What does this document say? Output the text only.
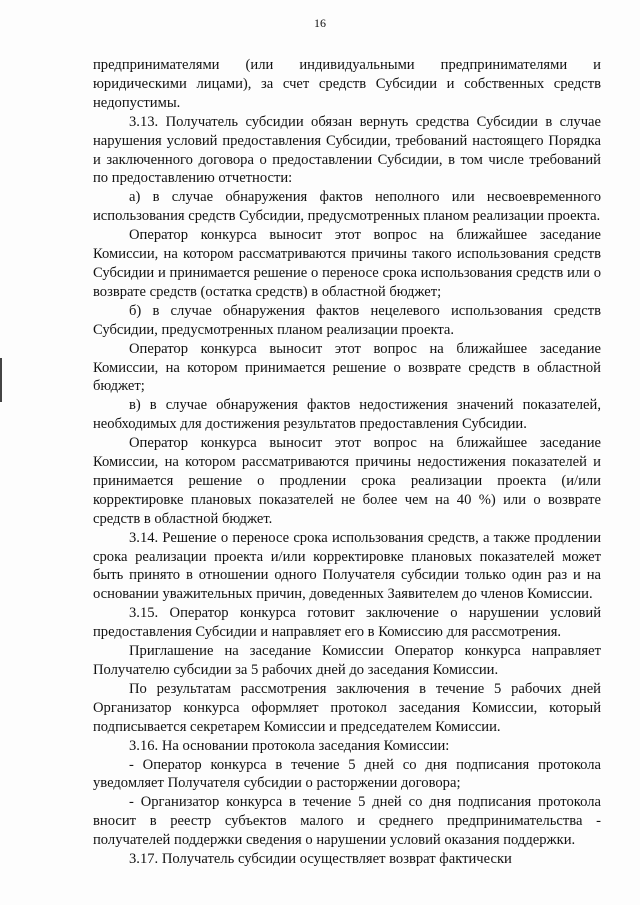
16

предпринимателями (или индивидуальными предпринимателями и юридическими лицами), за счет средств Субсидии и собственных средств недопустимы.

3.13. Получатель субсидии обязан вернуть средства Субсидии в случае нарушения условий предоставления Субсидии, требований настоящего Порядка и заключенного договора о предоставлении Субсидии, в том числе требований по предоставлению отчетности:

а) в случае обнаружения фактов неполного или несвоевременного использования средств Субсидии, предусмотренных планом реализации проекта.

Оператор конкурса выносит этот вопрос на ближайшее заседание Комиссии, на котором рассматриваются причины такого использования средств Субсидии и принимается решение о переносе срока использования средств или о возврате средств (остатка средств) в областной бюджет;

б) в случае обнаружения фактов нецелевого использования средств Субсидии, предусмотренных планом реализации проекта.

Оператор конкурса выносит этот вопрос на ближайшее заседание Комиссии, на котором принимается решение о возврате средств в областной бюджет;

в) в случае обнаружения фактов недостижения значений показателей, необходимых для достижения результатов предоставления Субсидии.

Оператор конкурса выносит этот вопрос на ближайшее заседание Комиссии, на котором рассматриваются причины недостижения показателей и принимается решение о продлении срока реализации проекта (и/или корректировке плановых показателей не более чем на 40 %) или о возврате средств в областной бюджет.

3.14. Решение о переносе срока использования средств, а также продлении срока реализации проекта и/или корректировке плановых показателей может быть принято в отношении одного Получателя субсидии только один раз и на основании уважительных причин, доведенных Заявителем до членов Комиссии.

3.15. Оператор конкурса готовит заключение о нарушении условий предоставления Субсидии и направляет его в Комиссию для рассмотрения.

Приглашение на заседание Комиссии Оператор конкурса направляет Получателю субсидии за 5 рабочих дней до заседания Комиссии.

По результатам рассмотрения заключения в течение 5 рабочих дней Организатор конкурса оформляет протокол заседания Комиссии, который подписывается секретарем Комиссии и председателем Комиссии.

3.16. На основании протокола заседания Комиссии:

- Оператор конкурса в течение 5 дней со дня подписания протокола уведомляет Получателя субсидии о расторжении договора;

- Организатор конкурса в течение 5 дней со дня подписания протокола вносит в реестр субъектов малого и среднего предпринимательства - получателей поддержки сведения о нарушении условий оказания поддержки.

3.17. Получатель субсидии осуществляет возврат фактически
